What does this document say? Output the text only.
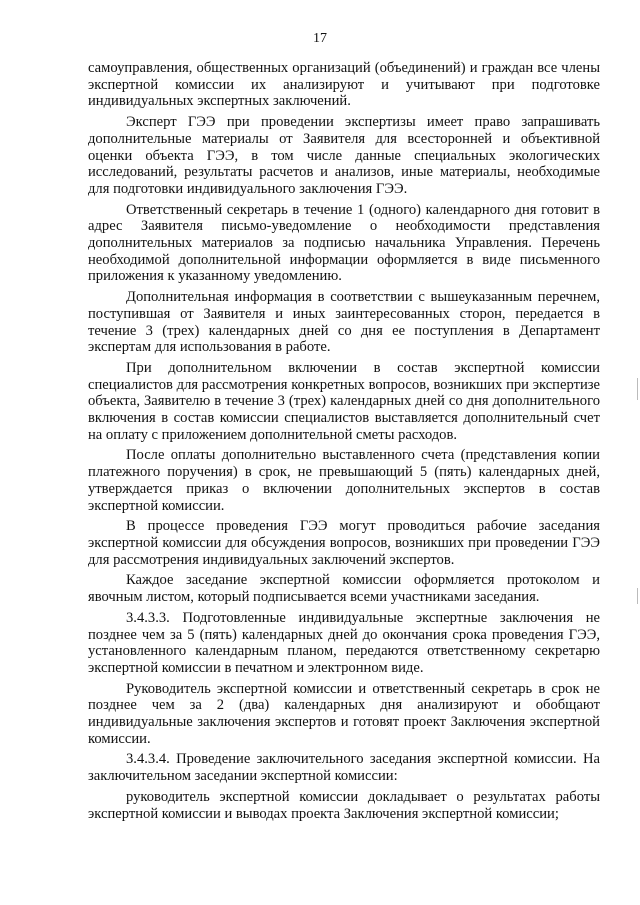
17

самоуправления, общественных организаций (объединений) и граждан все члены экспертной комиссии их анализируют и учитывают при подготовке индивидуальных экспертных заключений.

Эксперт ГЭЭ при проведении экспертизы имеет право запрашивать дополнительные материалы от Заявителя для всесторонней и объективной оценки объекта ГЭЭ, в том числе данные специальных экологических исследований, результаты расчетов и анализов, иные материалы, необходимые для подготовки индивидуального заключения ГЭЭ.

Ответственный секретарь в течение 1 (одного) календарного дня готовит в адрес Заявителя письмо-уведомление о необходимости представления дополнительных материалов за подписью начальника Управления. Перечень необходимой дополнительной информации оформляется в виде письменного приложения к указанному уведомлению.

Дополнительная информация в соответствии с вышеуказанным перечнем, поступившая от Заявителя и иных заинтересованных сторон, передается в течение 3 (трех) календарных дней со дня ее поступления в Департамент экспертам для использования в работе.

При дополнительном включении в состав экспертной комиссии специалистов для рассмотрения конкретных вопросов, возникших при экспертизе объекта, Заявителю в течение 3 (трех) календарных дней со дня дополнительного включения в состав комиссии специалистов выставляется дополнительный счет на оплату с приложением дополнительной сметы расходов.

После оплаты дополнительно выставленного счета (представления копии платежного поручения) в срок, не превышающий 5 (пять) календарных дней, утверждается приказ о включении дополнительных экспертов в состав экспертной комиссии.

В процессе проведения ГЭЭ могут проводиться рабочие заседания экспертной комиссии для обсуждения вопросов, возникших при проведении ГЭЭ для рассмотрения индивидуальных заключений экспертов.

Каждое заседание экспертной комиссии оформляется протоколом и явочным листом, который подписывается всеми участниками заседания.

3.4.3.3. Подготовленные индивидуальные экспертные заключения не позднее чем за 5 (пять) календарных дней до окончания срока проведения ГЭЭ, установленного календарным планом, передаются ответственному секретарю экспертной комиссии в печатном и электронном виде.

Руководитель экспертной комиссии и ответственный секретарь в срок не позднее чем за 2 (два) календарных дня анализируют и обобщают индивидуальные заключения экспертов и готовят проект Заключения экспертной комиссии.

3.4.3.4. Проведение заключительного заседания экспертной комиссии. На заключительном заседании экспертной комиссии:

руководитель экспертной комиссии докладывает о результатах работы экспертной комиссии и выводах проекта Заключения экспертной комиссии;
